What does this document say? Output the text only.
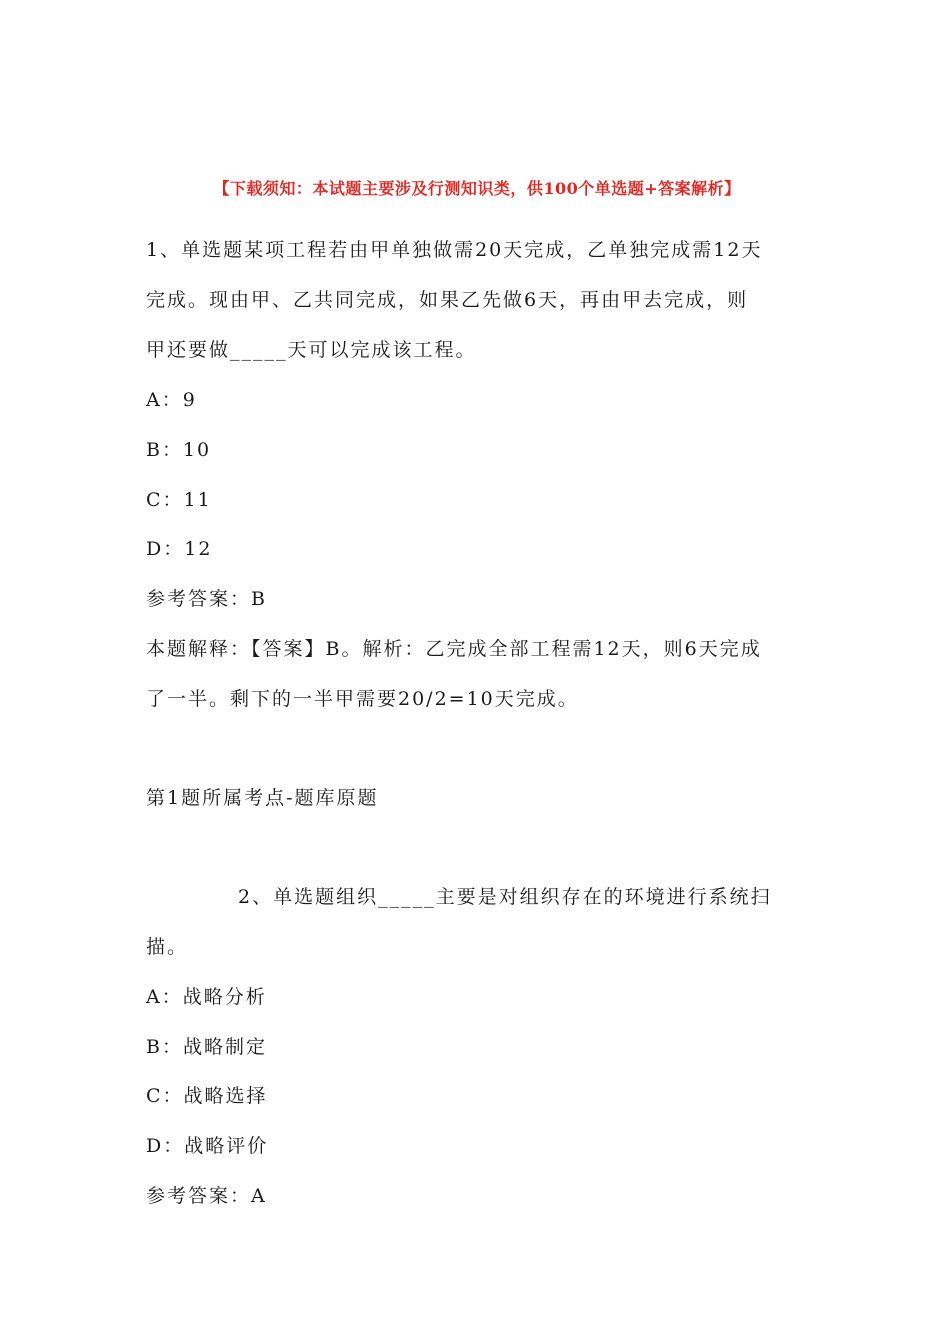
【下载须知：本试题主要涉及行测知识类，供100个单选题+答案解析】
1、单选题某项工程若由甲单独做需20天完成，乙单独完成需12天
完成。现由甲、乙共同完成，如果乙先做6天，再由甲去完成，则
甲还要做_____天可以完成该工程。
A：9
B：10
C：11
D：12
参考答案：B
本题解释：【答案】B。解析：乙完成全部工程需12天，则6天完成
了一半。剩下的一半甲需要20/2=10天完成。
第1题所属考点-题库原题
2、单选题组织_____主要是对组织存在的环境进行系统扫
描。
A：战略分析
B：战略制定
C：战略选择
D：战略评价
参考答案：A
